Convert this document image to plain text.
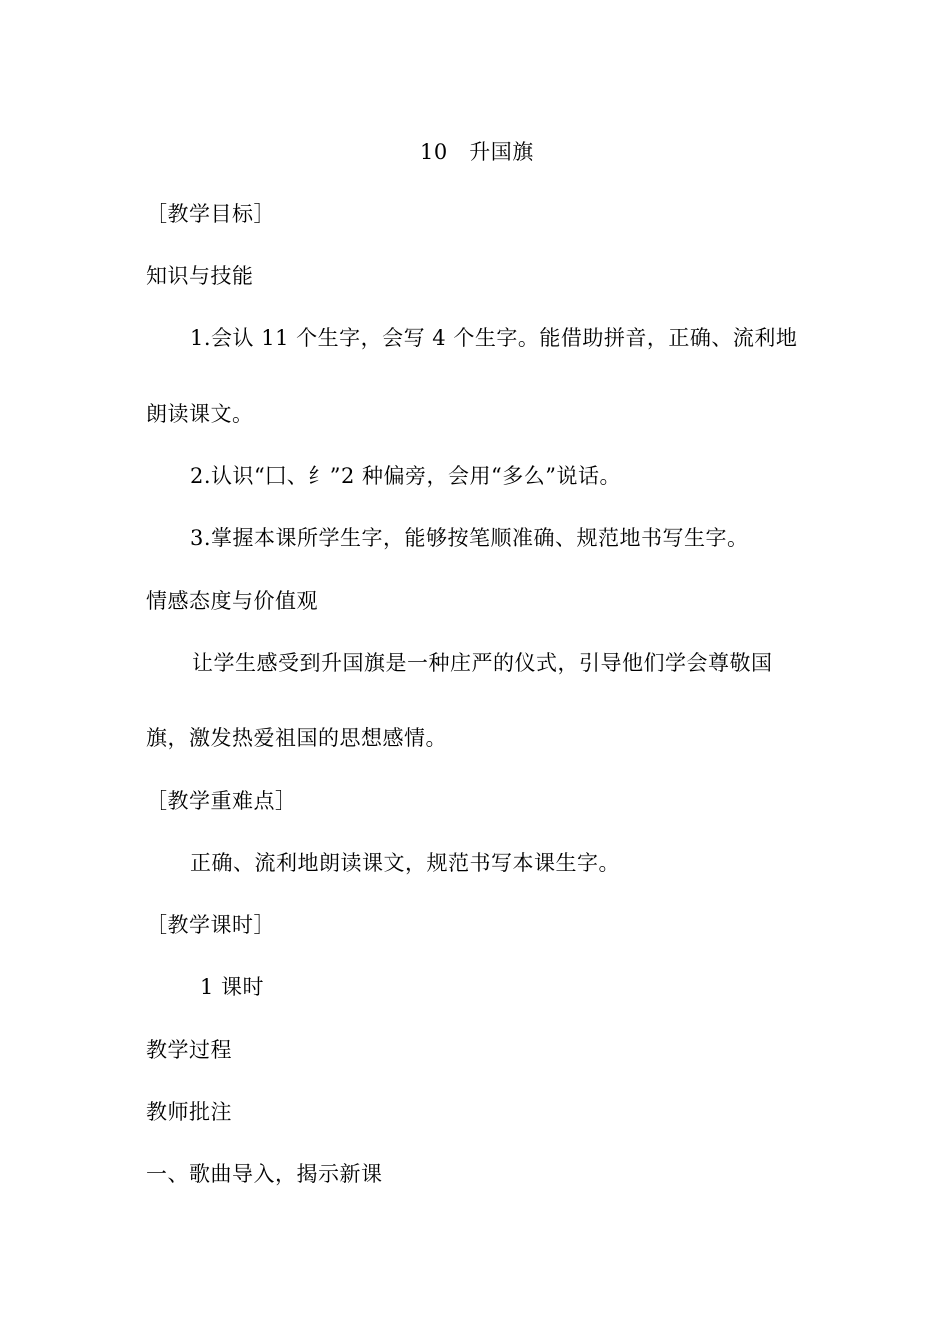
10　升国旗
［教学目标］
知识与技能
1.会认 11 个生字，会写 4 个生字。能借助拼音，正确、流利地
朗读课文。
2.认识“囗、纟”2 种偏旁，会用“多么”说话。
3.掌握本课所学生字，能够按笔顺准确、规范地书写生字。
情感态度与价值观
让学生感受到升国旗是一种庄严的仪式，引导他们学会尊敬国
旗，激发热爱祖国的思想感情。
［教学重难点］
正确、流利地朗读课文，规范书写本课生字。
［教学课时］
1 课时
教学过程
教师批注
一、歌曲导入，揭示新课
